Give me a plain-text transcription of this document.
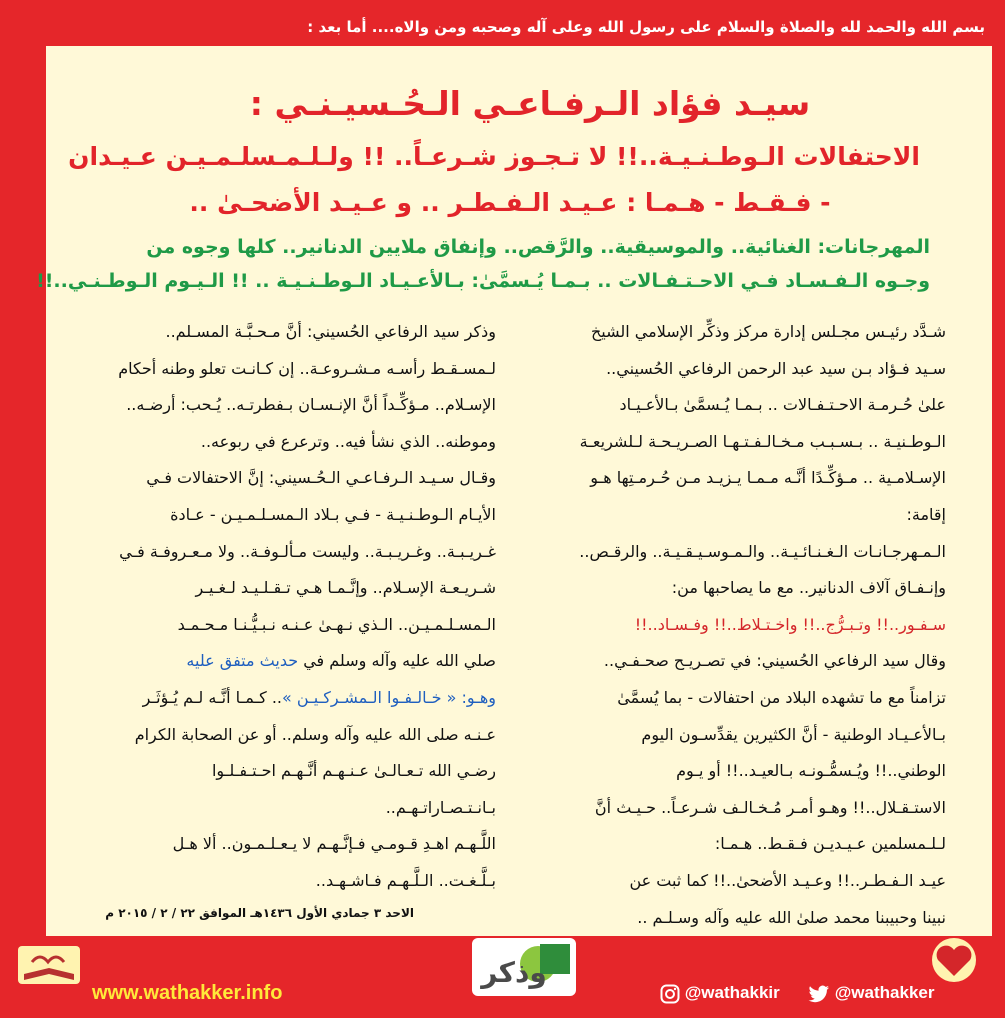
بسم الله والحمد لله والصلاة والسلام على رسول الله وعلى آله وصحبه ومن والاه.... أما بعد :
سيـد فؤاد الـرفـاعـي الـحُـسيـنـي :
الاحتفالات الـوطـنـيـة..!! لا تـجـوز شـرعـاً.. !! ولـلـمـسلـمـيـن عـيـدان
- فـقـط - هـمـا : عـيـد الـفـطـر .. و عـيـد الأضحـىٰ ..
المهرجانات: الغنائية.. والموسيقية.. والرَّقص.. وإنفاق ملايين الدنانير.. كلها وجوه من
وجـوه الـفـسـاد فـي الاحـتـفـالات .. بـمـا يُـسمَّىٰ: بـالأعـيـاد الـوطـنـيـة .. !! الـيـوم الـوطـنـي..!!

شـدَّد رئيـس مجـلس إدارة مركز وذكِّر الإسلامي الشيخ

سـيد فـؤاد بـن سيد عبد الرحمن الرفاعي الحُسيني..

علىٰ حُـرمـة الاحـتـفـالات .. بـمـا يُـسمَّىٰ بـالأعـيـاد

الـوطـنيـة .. بـسـبـب مـخـالـفـتـهـا الصـريـحـة لـلشريعـة

الإسـلامـية .. مـؤكِّـدًا أنَّـه مـمـا يـزيـد مـن حُـرمـتِها هـو

إقامة:

الـمـهرجـانـات الـغـنـائـيـة.. والـمـوسـيـقـيـة.. والرقـص..

وإنـفـاق آلاف الدنانير.. مع ما يصاحبها من:

سـفـور..!! وتـبـرُّج..!! واخـتـلاط..!! وفـسـاد..!!

وقال سيد الرفاعي الحُسيني: في تصـريـح صحـفـي..

تزامناً مع ما تشهده البلاد من احتفالات - بما يُسمَّىٰ

بـالأعـيـاد الوطنية - أنَّ الكثيرين يقدِّسـون اليوم

الوطني..!! ويُـسمُّـونـه بـالعيـد..!! أو يـوم

الاستـقـلال..!! وهـو أمـر مُـخـالـف شـرعـاً.. حـيـث أنَّ

لـلـمسلمين عـيـديـن فـقـط.. هـمـا:

عيـد الـفـطـر..!! وعـيـد الأضحىٰ..!! كما ثبت عن

نبينا وحبيبنا محمد صلىٰ الله عليه وآله وسـلـم ..

وذكر سيد الرفاعي الحُسيني: أنَّ مـحـبَّـة المسـلم..

لـمسـقـط رأسـه مـشـروعـة.. إن كـانـت تعلو وطنه أحكام

الإسـلام.. مـؤكِّـداً أنَّ الإنـسـان بـفطرتـه.. يُـحب: أرضـه..

وموطنه.. الذي نشأ فيه.. وترعرع في ربوعه..

وقـال سـيـد الـرفـاعـي الـحُـسيني: إنَّ الاحتفالات فـي

الأيـام الـوطـنـيـة - فـي بـلاد الـمسـلـمـيـن - عـادة

غـريـبـة.. وغـريـبـة.. وليست مـألـوفـة.. ولا مـعـروفـة فـي

شـريـعـة الإسـلام.. وإنَّـمـا هـي تـقـلـيـد لـغـيـر

الـمسـلـمـيـن.. الـذي نـهـىٰ عـنـه نـبـيُّـنـا مـحـمـد

صلي الله عليه وآله وسلم في حديث متفق عليه

وهـو: « خـالـفـوا الـمشـركـيـن ».. كـمـا أنَّـه لـم يُـؤثَـر

عـنـه صلى الله عليه وآله وسلم.. أو عن الصحابة الكرام

رضـي الله تـعـالـىٰ عـنـهـم أنَّـهـم احـتـفـلـوا

بـانـتـصـاراتـهـم..

اللَّـهـم اهـدِ قـومـي فـإنَّـهـم لا يـعـلـمـون.. ألا هـل

بـلَّـغـت.. الـلَّـهـم فـاشـهـد..

الاحد ٣ جمادي الأول ١٤٣٦هـ الموافق ٢٢ / ٢ / ٢٠١٥ م
وذكر
www.wathakker.info	@wathakkir	@wathakker
